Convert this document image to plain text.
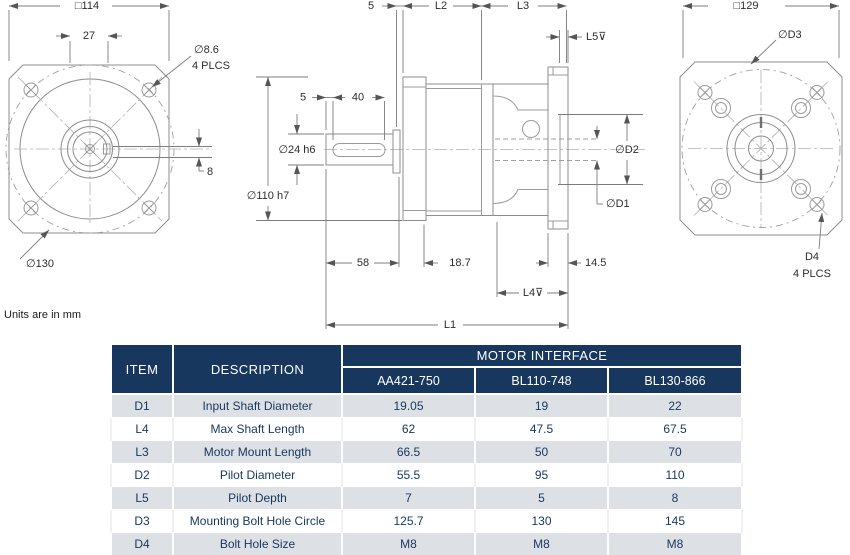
□114
27
∅8.6
4 PLCS
8
∅130
5	L2	L3
L5⊽
5	40
∅24 h6
∅110 h7
∅D2
∅D1
58	18.7	14.5
L4⊽
L1
□129
∅D3
D4
4 PLCS
Units are in mm
ITEM	DESCRIPTION	MOTOR INTERFACE		
		AA421-750	BL110-748	BL130-866
D1	Input Shaft Diameter	19.05	19	22
L4	Max Shaft Length	62	47.5	67.5
L3	Motor Mount Length	66.5	50	70
D2	Pilot Diameter	55.5	95	110
L5	Pilot Depth	7	5	8
D3	Mounting Bolt Hole Circle	125.7	130	145
D4	Bolt Hole Size	M8	M8	M8
